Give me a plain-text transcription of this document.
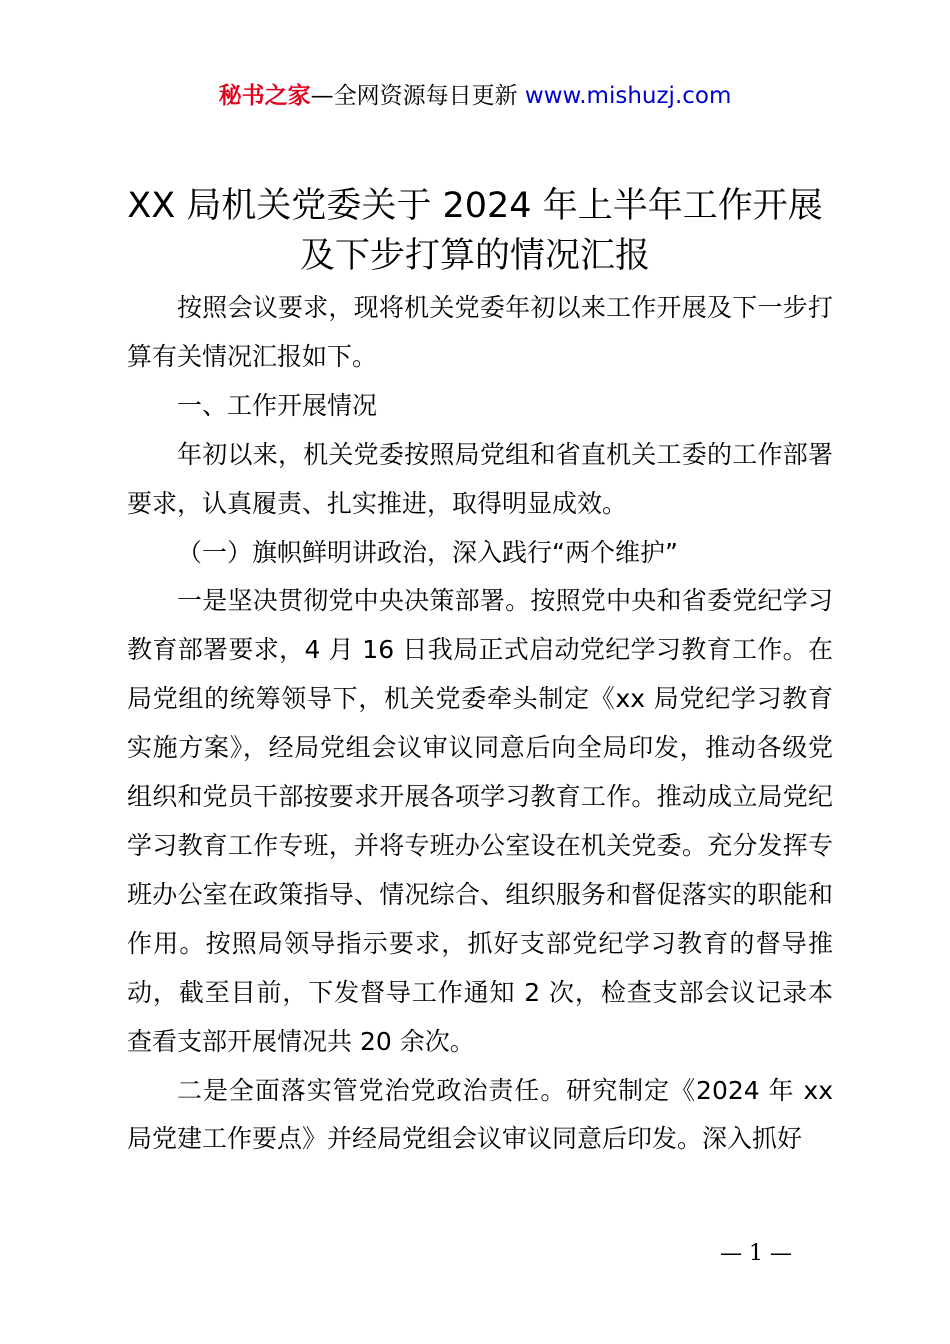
秘书之家—全网资源每日更新 www.mishuzj.com
XX 局机关党委关于 2024 年上半年工作开展
及下步打算的情况汇报

按照会议要求，现将机关党委年初以来工作开展及下一步打算有关情况汇报如下。

一、工作开展情况

年初以来，机关党委按照局党组和省直机关工委的工作部署要求，认真履责、扎实推进，取得明显成效。

（一）旗帜鲜明讲政治，深入践行“两个维护”

一是坚决贯彻党中央决策部署。按照党中央和省委党纪学习教育部署要求，4 月 16 日我局正式启动党纪学习教育工作。在局党组的统筹领导下，机关党委牵头制定《xx 局党纪学习教育实施方案》，经局党组会议审议同意后向全局印发，推动各级党组织和党员干部按要求开展各项学习教育工作。推动成立局党纪学习教育工作专班，并将专班办公室设在机关党委。充分发挥专班办公室在政策指导、情况综合、组织服务和督促落实的职能和作用。按照局领导指示要求，抓好支部党纪学习教育的督导推动，截至目前，下发督导工作通知 2 次，检查支部会议记录本查看支部开展情况共 20 余次。

二是全面落实管党治党政治责任。研究制定《2024 年 xx 局党建工作要点》并经局党组会议审议同意后印发。深入抓好

— 1 —
